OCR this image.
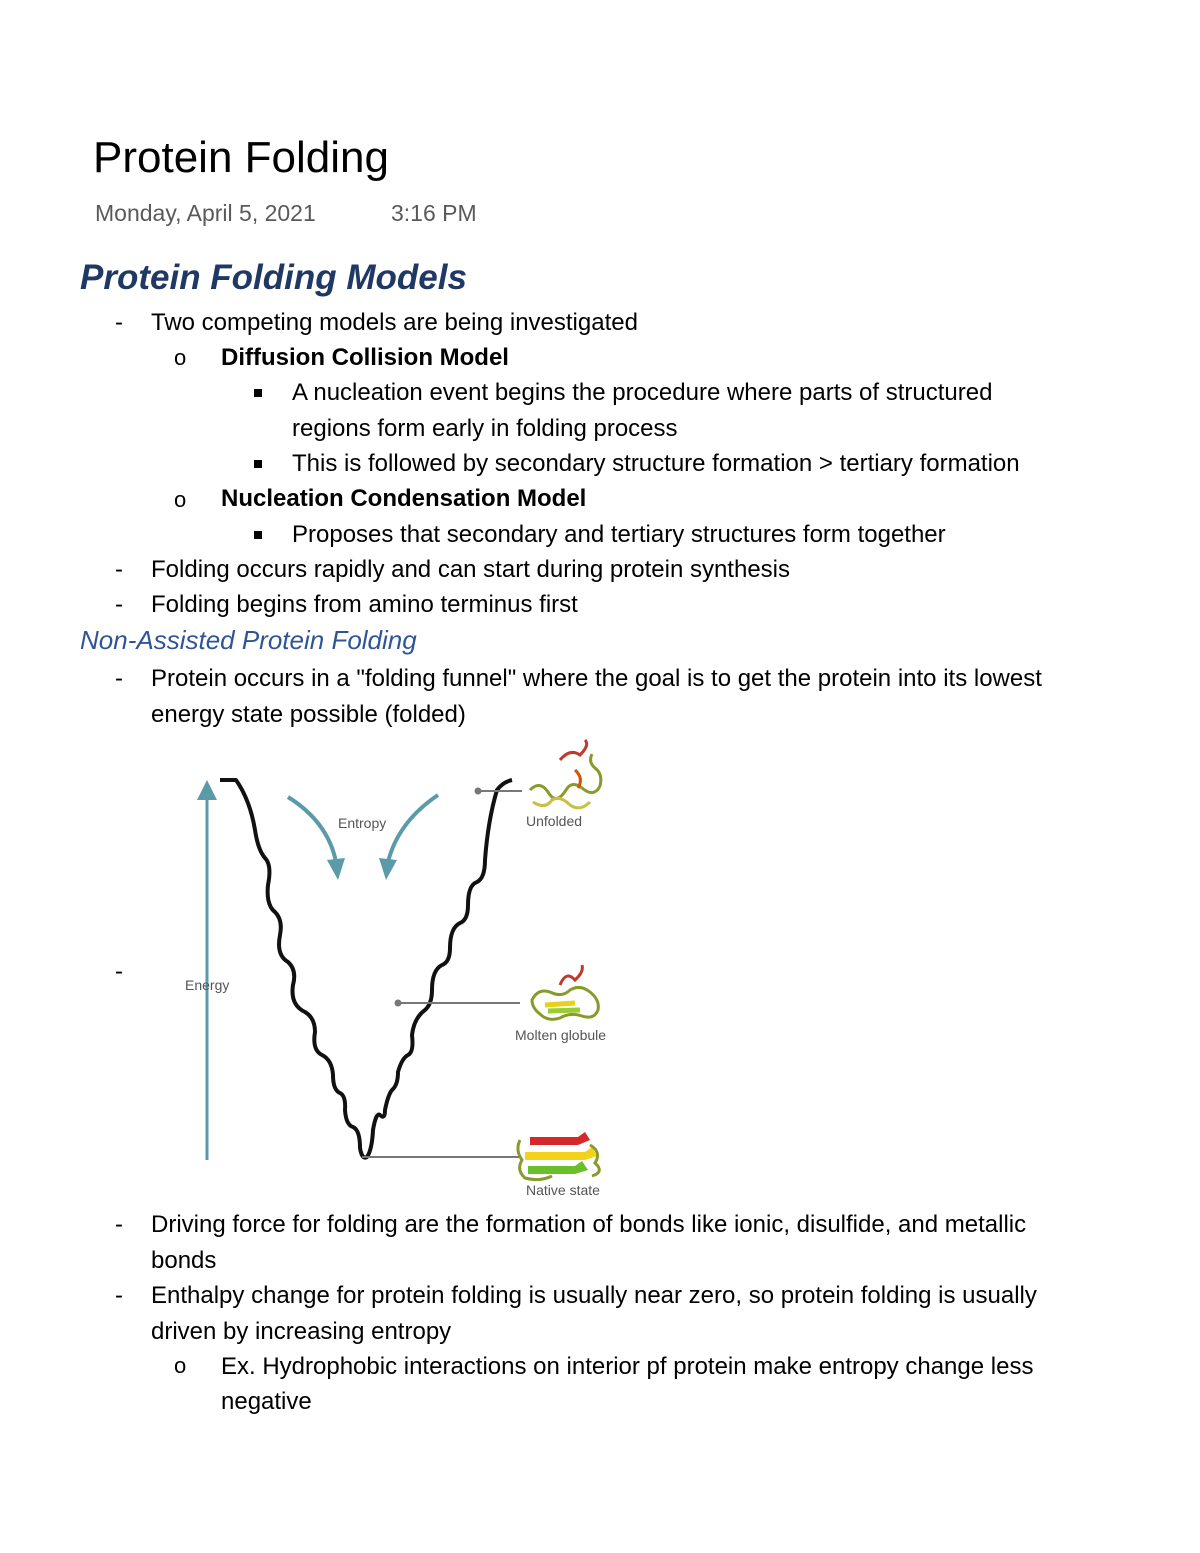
Protein Folding
Monday, April 5, 2021	3:16 PM
Protein Folding Models
- Two competing models are being investigated
o Diffusion Collision Model
A nucleation event begins the procedure where parts of structured
regions form early in folding process
This is followed by secondary structure formation > tertiary formation
o Nucleation Condensation Model
Proposes that secondary and tertiary structures form together
- Folding occurs rapidly and can start during protein synthesis
- Folding begins from amino terminus first
Non-Assisted Protein Folding
- Protein occurs in a "folding funnel" where the goal is to get the protein into its lowest
energy state possible (folded)
-	Energy
Entropy	Unfolded
Molten globule
Native state
- Driving force for folding are the formation of bonds like ionic, disulfide, and metallic
bonds
- Enthalpy change for protein folding is usually near zero, so protein folding is usually
driven by increasing entropy
o Ex. Hydrophobic interactions on interior pf protein make entropy change less
negative
